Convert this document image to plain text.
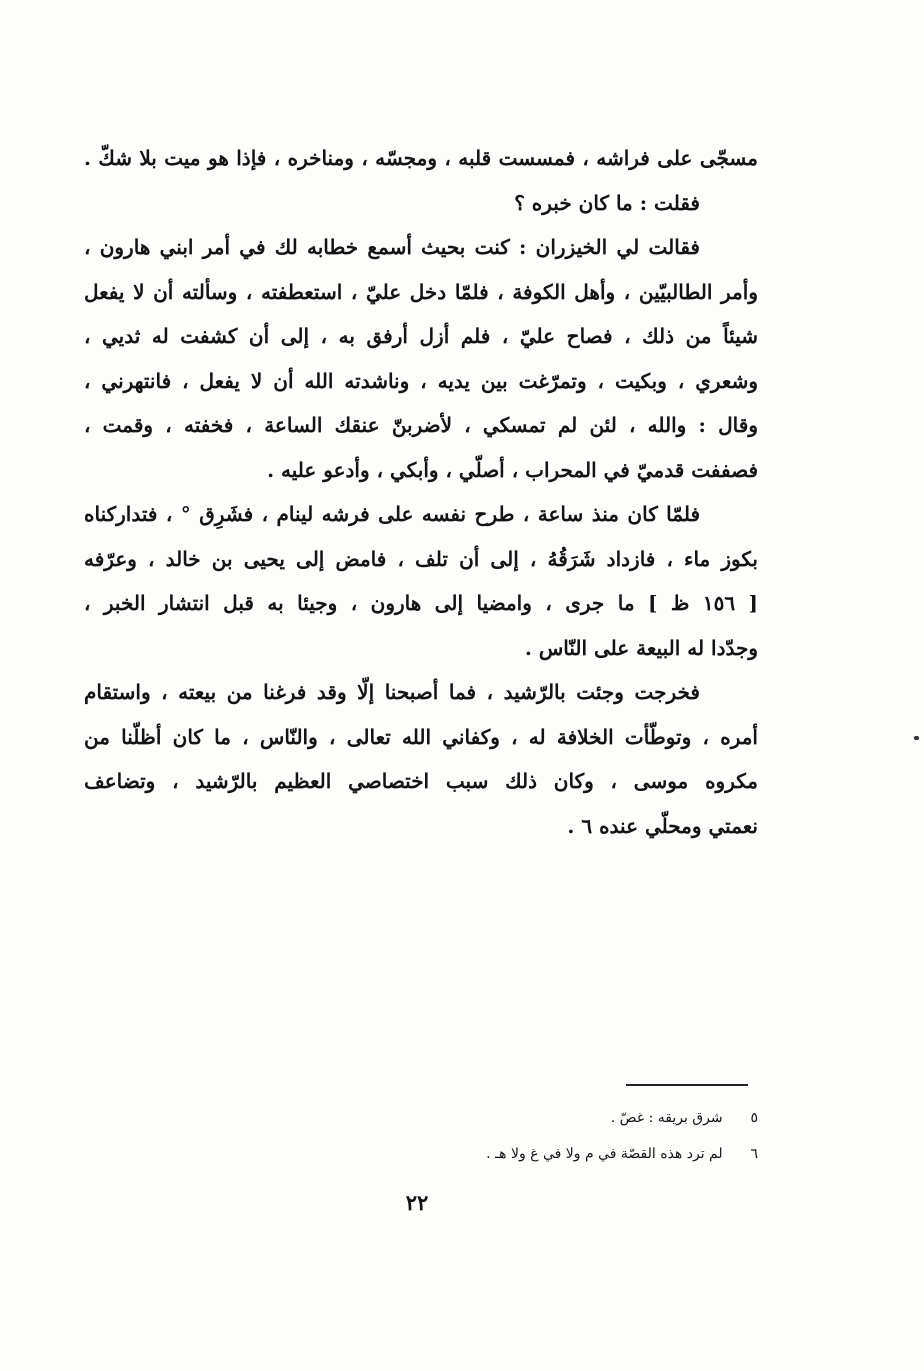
مسجّى على فراشه ، فمسست قلبه ، ومجسّه ، ومناخره ، فإذا هو ميت بلا شكّ .
فقلت : ما كان خبره ؟
فقالت لي الخيزران : كنت بحيث أسمع خطابه لك في أمر ابني هارون ،
وأمر الطالبيّين ، وأهل الكوفة ، فلمّا دخل عليّ ، استعطفته ، وسألته أن لا يفعل
شيئاً من ذلك ، فصاح عليّ ، فلم أزل أرفق به ، إلى أن كشفت له ثديي ،
وشعري ، وبكيت ، وتمرّغت بين يديه ، وناشدته الله أن لا يفعل ، فانتهرني ،
وقال : والله ، لئن لم تمسكي ، لأضربنّ عنقك الساعة ، فخفته ، وقمت ،
فصففت قدميّ في المحراب ، أصلّي ، وأبكي ، وأدعو عليه .
فلمّا كان منذ ساعة ، طرح نفسه على فرشه لينام ، فشَرِق ° ، فتداركناه
بكوز ماء ، فازداد شَرَقُهُ ، إلى أن تلف ، فامض إلى يحيى بن خالد ، وعرّفه
[ ١٥٦ ظ ] ما جرى ، وامضيا إلى هارون ، وجيئا به قبل انتشار الخبر ،
وجدّدا له البيعة على النّاس .
فخرجت وجئت بالرّشيد ، فما أصبحنا إلّا وقد فرغنا من بيعته ، واستقام
أمره ، وتوطّأت الخلافة له ، وكفاني الله تعالى ، والنّاس ، ما كان أظلّنا من
مكروه موسى ، وكان ذلك سبب اختصاصي العظيم بالرّشيد ، وتضاعف
نعمتي ومحلّي عنده ٦ .
٥   شرق بريقه : غصّ .
٦   لم ترد هذه القصّة في م ولا في غ ولا هـ .
٢٢
